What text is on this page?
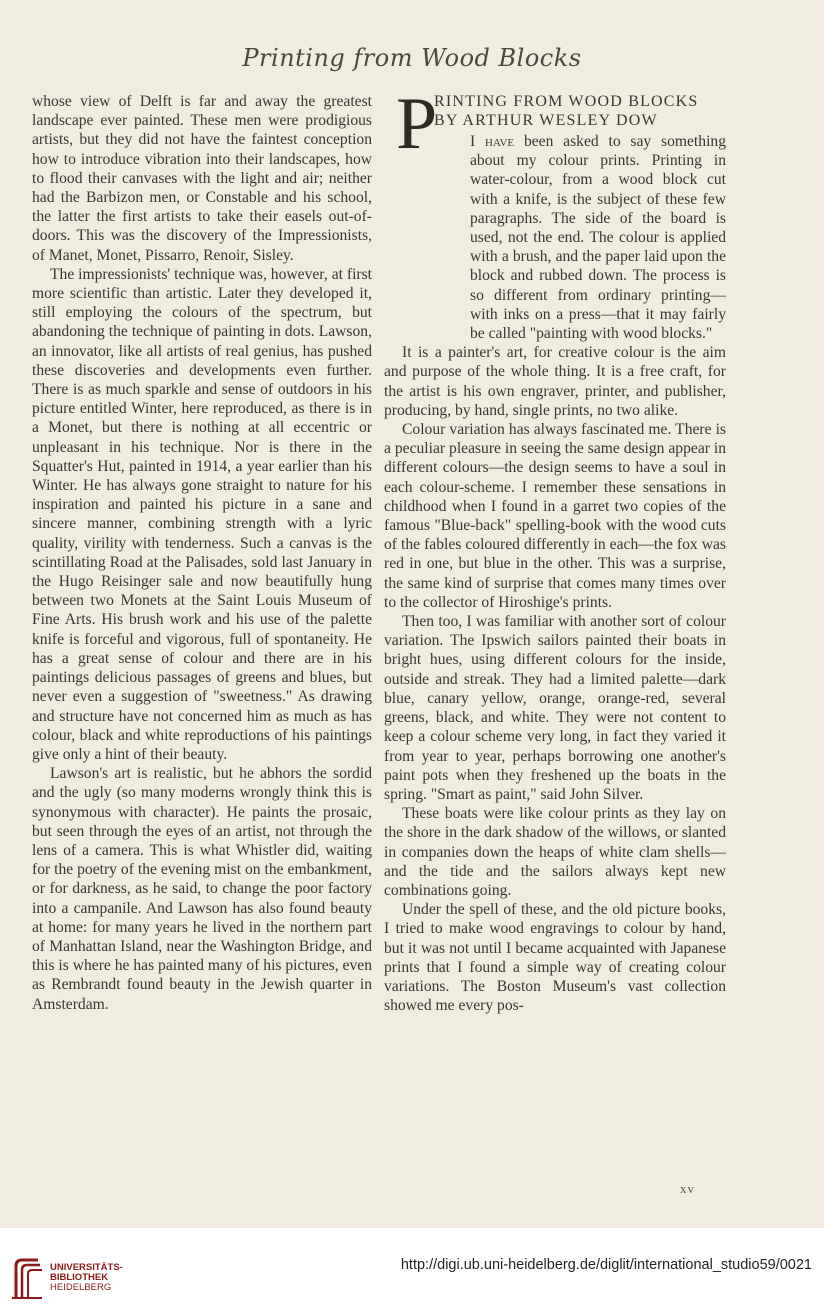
Printing from Wood Blocks

whose view of Delft is far and away the greatest landscape ever painted. These men were prodigious artists, but they did not have the faintest conception how to introduce vibration into their landscapes, how to flood their canvases with the light and air; neither had the Barbizon men, or Constable and his school, the latter the first artists to take their easels out-of-doors. This was the discovery of the Impressionists, of Manet, Monet, Pissarro, Renoir, Sisley.

The impressionists' technique was, however, at first more scientific than artistic. Later they developed it, still employing the colours of the spectrum, but abandoning the technique of painting in dots. Lawson, an innovator, like all artists of real genius, has pushed these discoveries and developments even further. There is as much sparkle and sense of outdoors in his picture entitled Winter, here reproduced, as there is in a Monet, but there is nothing at all eccentric or unpleasant in his technique. Nor is there in the Squatter's Hut, painted in 1914, a year earlier than his Winter. He has always gone straight to nature for his inspiration and painted his picture in a sane and sincere manner, combining strength with a lyric quality, virility with tenderness. Such a canvas is the scintillating Road at the Palisades, sold last January in the Hugo Reisinger sale and now beautifully hung between two Monets at the Saint Louis Museum of Fine Arts. His brush work and his use of the palette knife is forceful and vigorous, full of spontaneity. He has a great sense of colour and there are in his paintings delicious passages of greens and blues, but never even a suggestion of "sweetness." As drawing and structure have not concerned him as much as has colour, black and white reproductions of his paintings give only a hint of their beauty.

Lawson's art is realistic, but he abhors the sordid and the ugly (so many moderns wrongly think this is synonymous with character). He paints the prosaic, but seen through the eyes of an artist, not through the lens of a camera. This is what Whistler did, waiting for the poetry of the evening mist on the embankment, or for darkness, as he said, to change the poor factory into a campanile. And Lawson has also found beauty at home: for many years he lived in the northern part of Manhattan Island, near the Washington Bridge, and this is where he has painted many of his pictures, even as Rembrandt found beauty in the Jewish quarter in Amsterdam.

P
RINTING FROM WOOD BLOCKS
BY ARTHUR WESLEY DOW

I have been asked to say something about my colour prints. Printing in water-colour, from a wood block cut with a knife, is the subject of these few paragraphs. The side of the board is used, not the end. The colour is applied with a brush, and the paper laid upon the block and rubbed down. The process is so different from ordinary printing—with inks on a press—that it may fairly be called "painting with wood blocks."

It is a painter's art, for creative colour is the aim and purpose of the whole thing. It is a free craft, for the artist is his own engraver, printer, and publisher, producing, by hand, single prints, no two alike.

Colour variation has always fascinated me. There is a peculiar pleasure in seeing the same design appear in different colours—the design seems to have a soul in each colour-scheme. I remember these sensations in childhood when I found in a garret two copies of the famous "Blue-back" spelling-book with the wood cuts of the fables coloured differently in each—the fox was red in one, but blue in the other. This was a surprise, the same kind of surprise that comes many times over to the collector of Hiroshige's prints.

Then too, I was familiar with another sort of colour variation. The Ipswich sailors painted their boats in bright hues, using different colours for the inside, outside and streak. They had a limited palette—dark blue, canary yellow, orange, orange-red, several greens, black, and white. They were not content to keep a colour scheme very long, in fact they varied it from year to year, perhaps borrowing one another's paint pots when they freshened up the boats in the spring. "Smart as paint," said John Silver.

These boats were like colour prints as they lay on the shore in the dark shadow of the willows, or slanted in companies down the heaps of white clam shells—and the tide and the sailors always kept new combinations going.

Under the spell of these, and the old picture books, I tried to make wood engravings to colour by hand, but it was not until I became acquainted with Japanese prints that I found a simple way of creating colour variations. The Boston Museum's vast collection showed me every pos-

xv
UNIVERSITÄTS-
BIBLIOTHEK
HEIDELBERG
http://digi.ub.uni-heidelberg.de/diglit/international_studio59/0021
